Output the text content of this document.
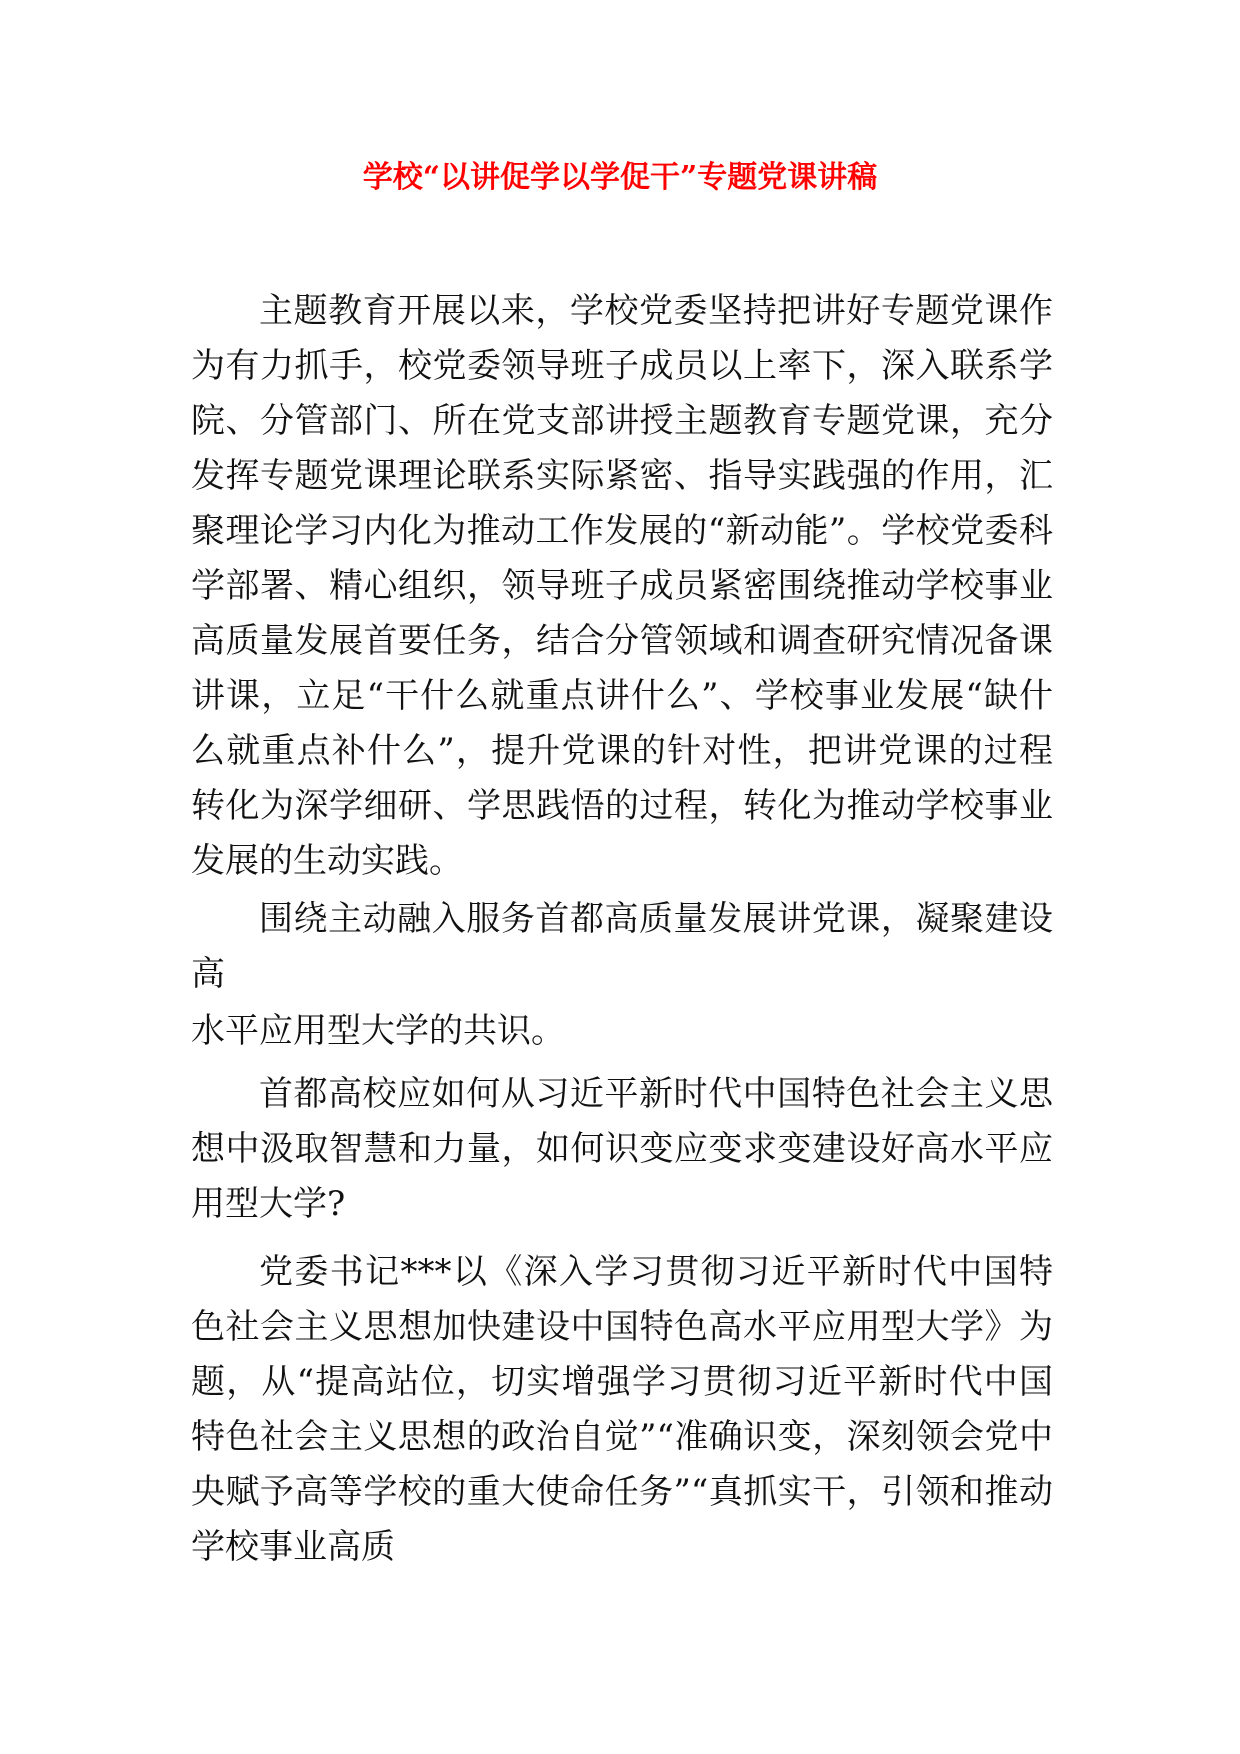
学校“以讲促学以学促干”专题党课讲稿

主题教育开展以来，学校党委坚持把讲好专题党课作为有力抓手，校党委领导班子成员以上率下，深入联系学院、分管部门、所在党支部讲授主题教育专题党课，充分发挥专题党课理论联系实际紧密、指导实践强的作用，汇聚理论学习内化为推动工作发展的“新动能”。学校党委科学部署、精心组织，领导班子成员紧密围绕推动学校事业高质量发展首要任务，结合分管领域和调查研究情况备课讲课，立足“干什么就重点讲什么”、学校事业发展“缺什么就重点补什么”，提升党课的针对性，把讲党课的过程转化为深学细研、学思践悟的过程，转化为推动学校事业发展的生动实践。

围绕主动融入服务首都高质量发展讲党课，凝聚建设高
水平应用型大学的共识。

首都高校应如何从习近平新时代中国特色社会主义思想中汲取智慧和力量，如何识变应变求变建设好高水平应用型大学?

党委书记***以《深入学习贯彻习近平新时代中国特色社会主义思想加快建设中国特色高水平应用型大学》为题，从“提高站位，切实增强学习贯彻习近平新时代中国特色社会主义思想的政治自觉”“准确识变，深刻领会党中央赋予高等学校的重大使命任务”“真抓实干，引领和推动学校事业高质
